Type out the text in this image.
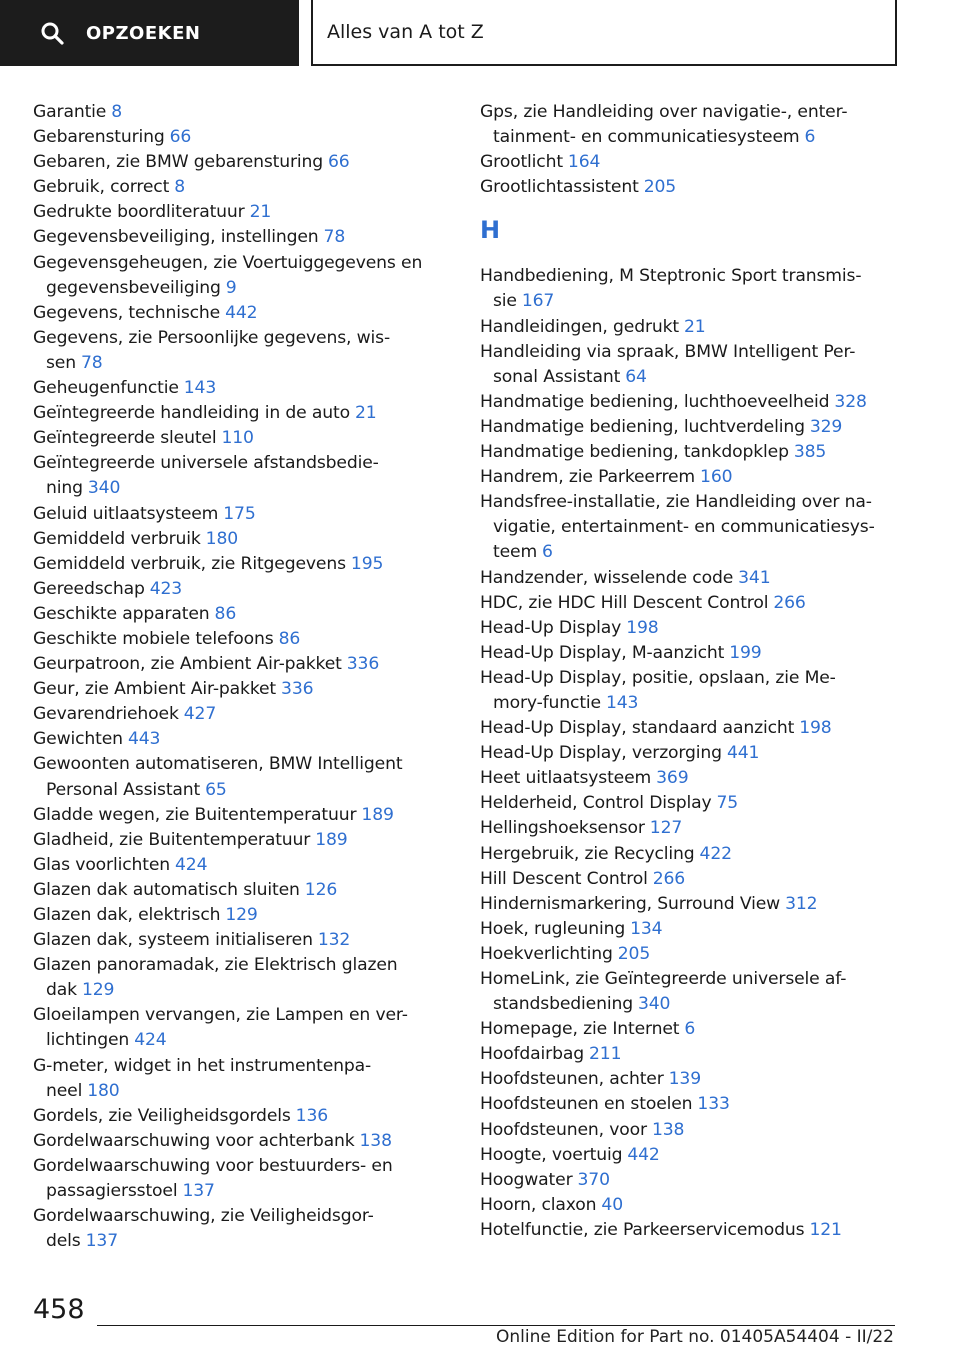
OPZOEKEN	Alles van A tot Z
Garantie 8
Gebarensturing 66
Gebaren, zie BMW gebarensturing 66
Gebruik, correct 8
Gedrukte boordliteratuur 21
Gegevensbeveiliging, instellingen 78
Gegevensgeheugen, zie Voertuiggegevens en
gegevensbeveiliging 9
Gegevens, technische 442
Gegevens, zie Persoonlijke gegevens, wis-
sen 78
Geheugenfunctie 143
Geïntegreerde handleiding in de auto 21
Geïntegreerde sleutel 110
Geïntegreerde universele afstandsbedie-
ning 340
Geluid uitlaatsysteem 175
Gemiddeld verbruik 180
Gemiddeld verbruik, zie Ritgegevens 195
Gereedschap 423
Geschikte apparaten 86
Geschikte mobiele telefoons 86
Geurpatroon, zie Ambient Air-pakket 336
Geur, zie Ambient Air-pakket 336
Gevarendriehoek 427
Gewichten 443
Gewoonten automatiseren, BMW Intelligent
Personal Assistant 65
Gladde wegen, zie Buitentemperatuur 189
Gladheid, zie Buitentemperatuur 189
Glas voorlichten 424
Glazen dak automatisch sluiten 126
Glazen dak, elektrisch 129
Glazen dak, systeem initialiseren 132
Glazen panoramadak, zie Elektrisch glazen
dak 129
Gloeilampen vervangen, zie Lampen en ver-
lichtingen 424
G-meter, widget in het instrumentenpa-
neel 180
Gordels, zie Veiligheidsgordels 136
Gordelwaarschuwing voor achterbank 138
Gordelwaarschuwing voor bestuurders- en
passagiersstoel 137
Gordelwaarschuwing, zie Veiligheidsgor-
dels 137
Gps, zie Handleiding over navigatie-, enter-
tainment- en communicatiesysteem 6
Grootlicht 164
Grootlichtassistent 205
H
Handbediening, M Steptronic Sport transmis-
sie 167
Handleidingen, gedrukt 21
Handleiding via spraak, BMW Intelligent Per-
sonal Assistant 64
Handmatige bediening, luchthoeveelheid 328
Handmatige bediening, luchtverdeling 329
Handmatige bediening, tankdopklep 385
Handrem, zie Parkeerrem 160
Handsfree-installatie, zie Handleiding over na-
vigatie, entertainment- en communicatiesys-
teem 6
Handzender, wisselende code 341
HDC, zie HDC Hill Descent Control 266
Head-Up Display 198
Head-Up Display, M-aanzicht 199
Head-Up Display, positie, opslaan, zie Me-
mory-functie 143
Head-Up Display, standaard aanzicht 198
Head-Up Display, verzorging 441
Heet uitlaatsysteem 369
Helderheid, Control Display 75
Hellingshoeksensor 127
Hergebruik, zie Recycling 422
Hill Descent Control 266
Hindernismarkering, Surround View 312
Hoek, rugleuning 134
Hoekverlichting 205
HomeLink, zie Geïntegreerde universele af-
standsbediening 340
Homepage, zie Internet 6
Hoofdairbag 211
Hoofdsteunen, achter 139
Hoofdsteunen en stoelen 133
Hoofdsteunen, voor 138
Hoogte, voertuig 442
Hoogwater 370
Hoorn, claxon 40
Hotelfunctie, zie Parkeerservicemodus 121
458
Online Edition for Part no. 01405A54404 - II/22
